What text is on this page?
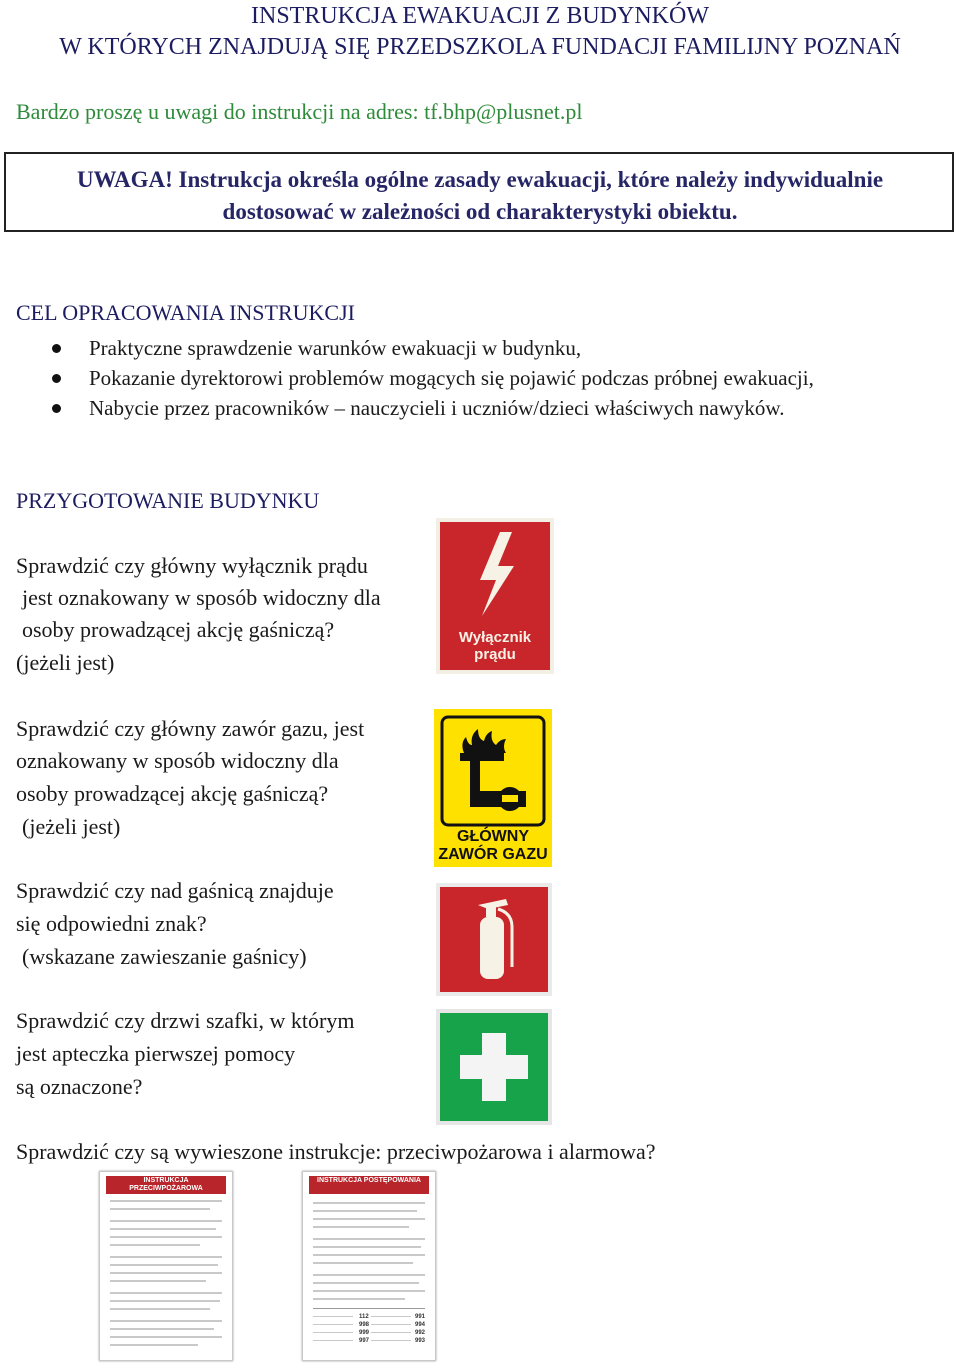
INSTRUKCJA EWAKUACJI Z BUDYNKÓW
W KTÓRYCH ZNAJDUJĄ SIĘ PRZEDSZKOLA FUNDACJI FAMILIJNY POZNAŃ
Bardzo proszę u uwagi do instrukcji na adres: tf.bhp@plusnet.pl
UWAGA! Instrukcja określa ogólne zasady ewakuacji, które należy indywidualnie
dostosować w zależności od charakterystyki obiektu.
CEL OPRACOWANIA INSTRUKCJI
Praktyczne sprawdzenie warunków ewakuacji w budynku,
Pokazanie dyrektorowi problemów mogących się pojawić podczas próbnej ewakuacji,
Nabycie przez pracowników – nauczycieli i uczniów/dzieci właściwych nawyków.
PRZYGOTOWANIE BUDYNKU
Sprawdzić czy główny wyłącznik prądu
jest oznakowany w sposób widoczny dla
osoby prowadzącej akcję gaśniczą?
(jeżeli jest)
Sprawdzić czy główny zawór gazu, jest
oznakowany w sposób widoczny dla
osoby prowadzącej akcję gaśniczą?
(jeżeli jest)
Sprawdzić czy nad gaśnicą znajduje
się odpowiedni znak?
(wskazane zawieszanie gaśnicy)
Sprawdzić czy drzwi szafki, w którym
jest apteczka pierwszej pomocy
są oznaczone?
Sprawdzić czy są wywieszone instrukcje: przeciwpożarowa i alarmowa?
Wyłącznik
prądu
GŁÓWNY
ZAWÓR GAZU
INSTRUKCJA PRZECIWPOŻAROWA
INSTRUKCJA POSTĘPOWANIA
112
998
999
997
991
994
992
993
